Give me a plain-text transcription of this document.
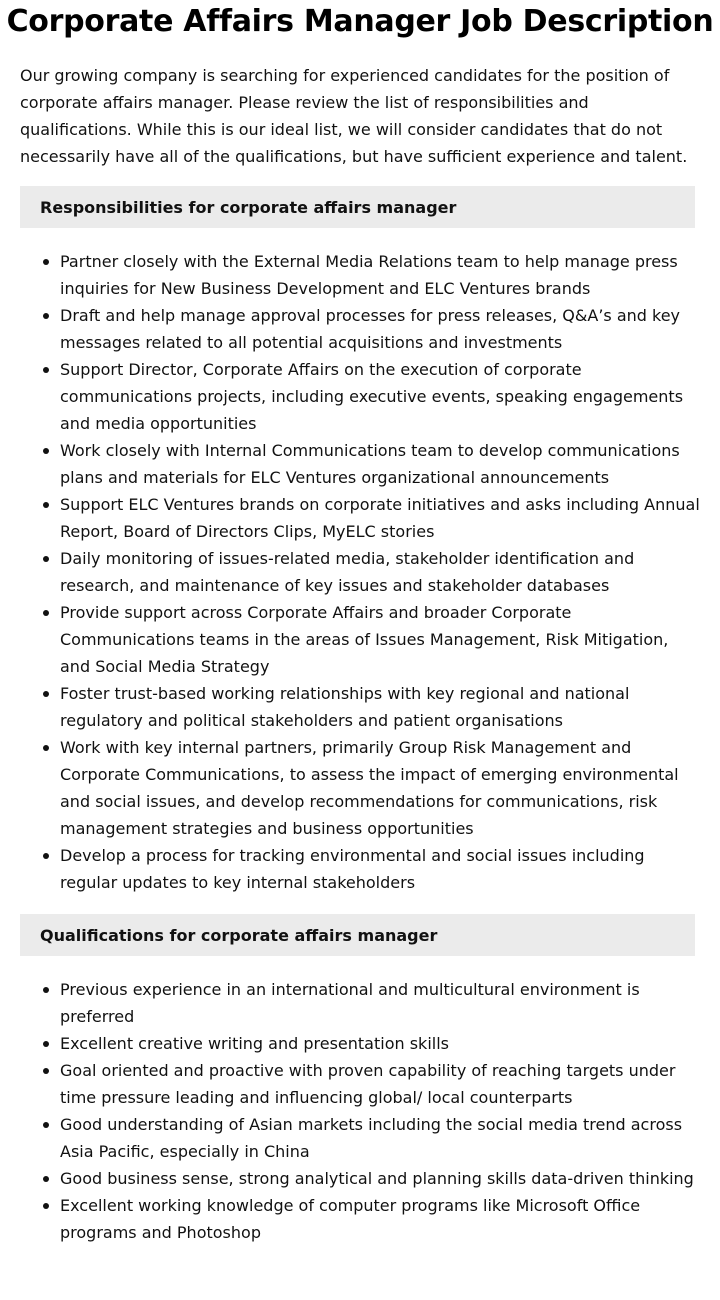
Corporate Affairs Manager Job Description

Our growing company is searching for experienced candidates for the position of corporate affairs manager. Please review the list of responsibilities and qualifications. While this is our ideal list, we will consider candidates that do not necessarily have all of the qualifications, but have sufficient experience and talent.

Responsibilities for corporate affairs manager
Partner closely with the External Media Relations team to help manage press inquiries for New Business Development and ELC Ventures brands
Draft and help manage approval processes for press releases, Q&A’s and key messages related to all potential acquisitions and investments
Support Director, Corporate Affairs on the execution of corporate communications projects, including executive events, speaking engagements and media opportunities
Work closely with Internal Communications team to develop communications plans and materials for ELC Ventures organizational announcements
Support ELC Ventures brands on corporate initiatives and asks including Annual Report, Board of Directors Clips, MyELC stories
Daily monitoring of issues-related media, stakeholder identification and research, and maintenance of key issues and stakeholder databases
Provide support across Corporate Affairs and broader Corporate Communications teams in the areas of Issues Management, Risk Mitigation, and Social Media Strategy
Foster trust-based working relationships with key regional and national regulatory and political stakeholders and patient organisations
Work with key internal partners, primarily Group Risk Management and Corporate Communications, to assess the impact of emerging environmental and social issues, and develop recommendations for communications, risk management strategies and business opportunities
Develop a process for tracking environmental and social issues including regular updates to key internal stakeholders
Qualifications for corporate affairs manager
Previous experience in an international and multicultural environment is preferred
Excellent creative writing and presentation skills
Goal oriented and proactive with proven capability of reaching targets under time pressure leading and influencing global/ local counterparts
Good understanding of Asian markets including the social media trend across Asia Pacific, especially in China
Good business sense, strong analytical and planning skills data-driven thinking
Excellent working knowledge of computer programs like Microsoft Office programs and Photoshop
